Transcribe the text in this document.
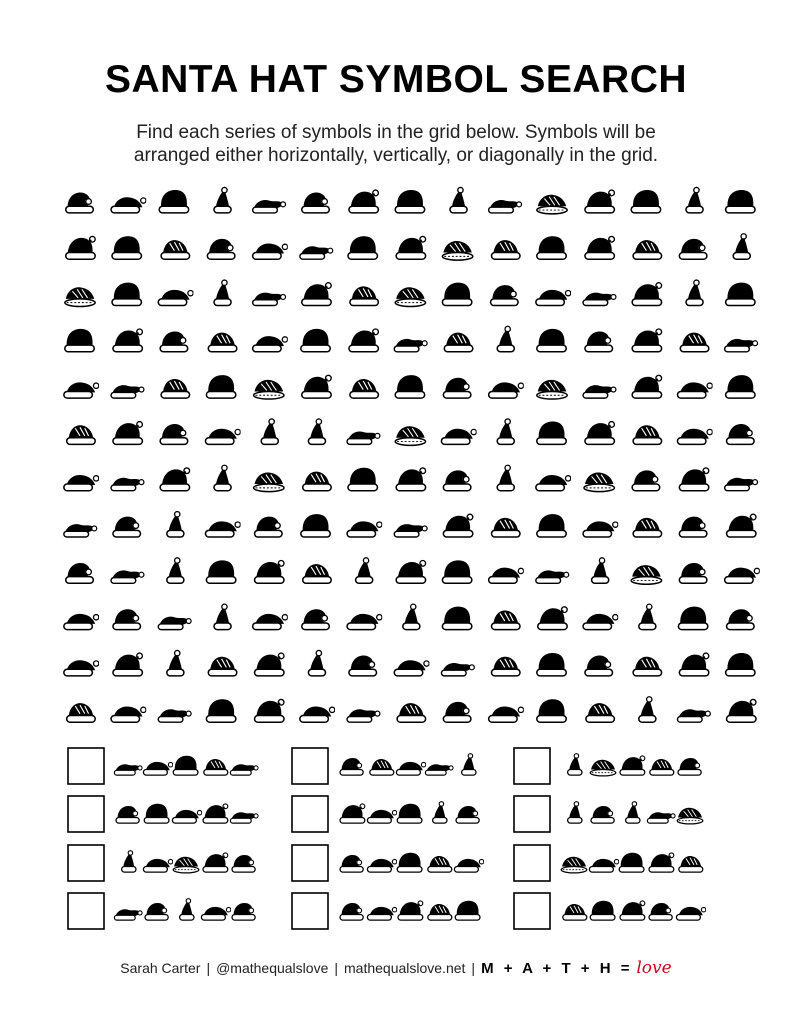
SANTA HAT SYMBOL SEARCH

Find each series of symbols in the grid below. Symbols will be
arranged either horizontally, vertically, or diagonally in the grid.

Sarah Carter | @mathequalslove | mathequalslove.net | M + A + T + H = love
